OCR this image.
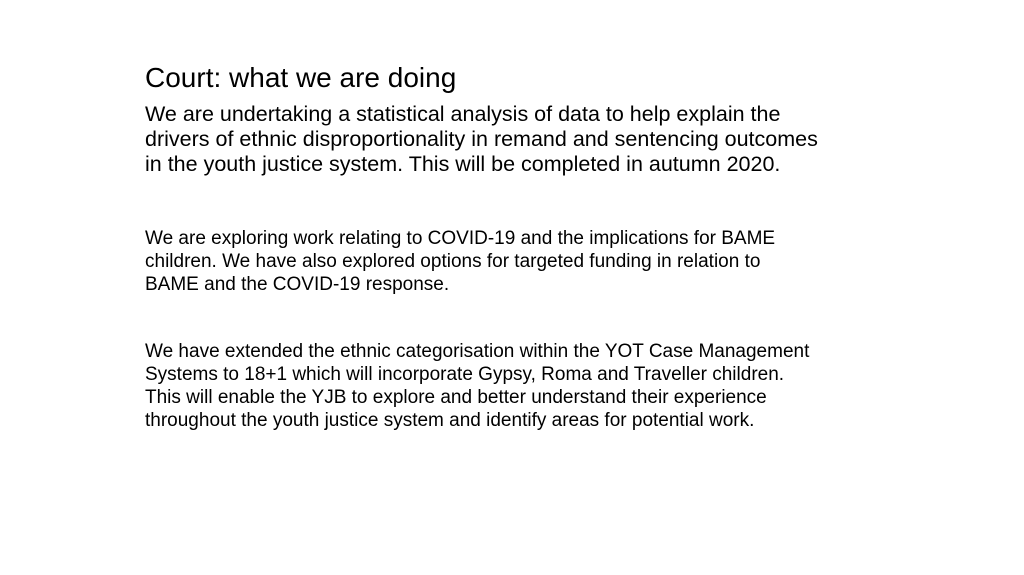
Court: what we are doing

We are undertaking a statistical analysis of data to help explain the
drivers of ethnic disproportionality in remand and sentencing outcomes
in the youth justice system. This will be completed in autumn 2020.

We are exploring work relating to COVID-19 and the implications for BAME
children. We have also explored options for targeted funding in relation to
BAME and the COVID-19 response.

We have extended the ethnic categorisation within the YOT Case Management
Systems to 18+1 which will incorporate Gypsy, Roma and Traveller children.
This will enable the YJB to explore and better understand their experience
throughout the youth justice system and identify areas for potential work.
